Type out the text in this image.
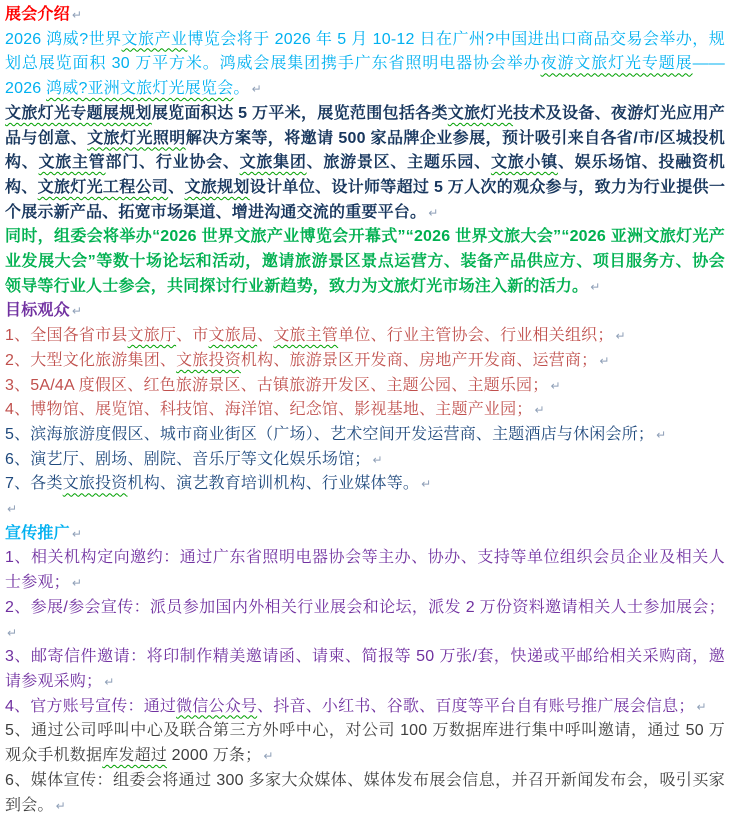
展会介绍 ↵
2026 鸿威?世界文旅产业博览会将于 2026 年 5 月 10-12 日在广州?中国进出口商品交易会举办，规划总展览面积 30 万平方米。鸿威会展集团携手广东省照明电器协会举办夜游文旅灯光专题展——2026 鸿威?亚洲文旅灯光展览会。 ↵
文旅灯光专题展规划展览面积达 5 万平米，展览范围包括各类文旅灯光技术及设备、夜游灯光应用产品与创意、文旅灯光照明解决方案等，将邀请 500 家品牌企业参展，预计吸引来自各省/市/区城投机构、文旅主管部门、行业协会、文旅集团、旅游景区、主题乐园、文旅小镇、娱乐场馆、投融资机构、文旅灯光工程公司、文旅规划设计单位、设计师等超过 5 万人次的观众参与，致力为行业提供一个展示新产品、拓宽市场渠道、增进沟通交流的重要平台。 ↵
同时，组委会将举办“2026 世界文旅产业博览会开幕式”“2026 世界文旅大会”“2026 亚洲文旅灯光产业发展大会”等数十场论坛和活动，邀请旅游景区景点运营方、装备产品供应方、项目服务方、协会领导等行业人士参会，共同探讨行业新趋势，致力为文旅灯光市场注入新的活力。 ↵
目标观众 ↵
1、全国各省市县文旅厅、市文旅局、文旅主管单位、行业主管协会、行业相关组织； ↵
2、大型文化旅游集团、文旅投资机构、旅游景区开发商、房地产开发商、运营商； ↵
3、5A/4A 度假区、红色旅游景区、古镇旅游开发区、主题公园、主题乐园； ↵
4、博物馆、展览馆、科技馆、海洋馆、纪念馆、影视基地、主题产业园； ↵
5、滨海旅游度假区、城市商业街区（广场）、艺术空间开发运营商、主题酒店与休闲会所； ↵
6、演艺厅、剧场、剧院、音乐厅等文化娱乐场馆； ↵
7、各类文旅投资机构、演艺教育培训机构、行业媒体等。 ↵
↵
宣传推广 ↵
1、相关机构定向邀约：通过广东省照明电器协会等主办、协办、支持等单位组织会员企业及相关人士参观； ↵
2、参展/参会宣传：派员参加国内外相关行业展会和论坛，派发 2 万份资料邀请相关人士参加展会；↵
3、邮寄信件邀请：将印制作精美邀请函、请柬、简报等 50 万张/套，快递或平邮给相关采购商，邀请参观采购； ↵
4、官方账号宣传：通过微信公众号、抖音、小红书、谷歌、百度等平台自有账号推广展会信息； ↵
5、通过公司呼叫中心及联合第三方外呼中心，对公司 100 万数据库进行集中呼叫邀请，通过 50 万观众手机数据库发超过 2000 万条； ↵
6、媒体宣传：组委会将通过 300 多家大众媒体、媒体发布展会信息，并召开新闻发布会，吸引买家到会。 ↵
